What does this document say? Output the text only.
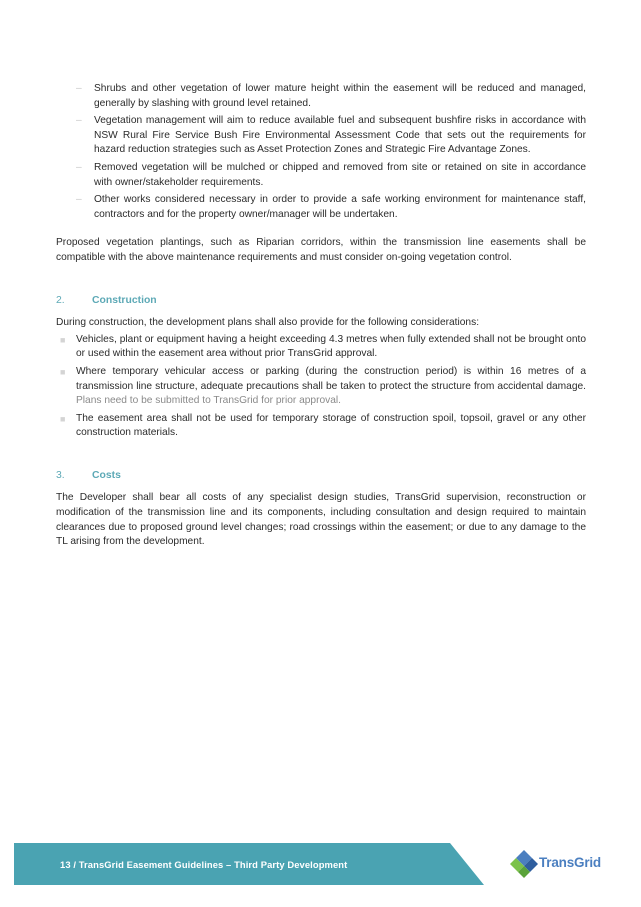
– Shrubs and other vegetation of lower mature height within the easement will be reduced and managed, generally by slashing with ground level retained.
– Vegetation management will aim to reduce available fuel and subsequent bushfire risks in accordance with NSW Rural Fire Service Bush Fire Environmental Assessment Code that sets out the requirements for hazard reduction strategies such as Asset Protection Zones and Strategic Fire Advantage Zones.
– Removed vegetation will be mulched or chipped and removed from site or retained on site in accordance with owner/stakeholder requirements.
– Other works considered necessary in order to provide a safe working environment for maintenance staff, contractors and for the property owner/manager will be undertaken.

Proposed vegetation plantings, such as Riparian corridors, within the transmission line easements shall be compatible with the above maintenance requirements and must consider on-going vegetation control.

2.	Construction

During construction, the development plans shall also provide for the following considerations:

■ Vehicles, plant or equipment having a height exceeding 4.3 metres when fully extended shall not be brought onto or used within the easement area without prior TransGrid approval.
■ Where temporary vehicular access or parking (during the construction period) is within 16 metres of a transmission line structure, adequate precautions shall be taken to protect the structure from accidental damage. Plans need to be submitted to TransGrid for prior approval.
■ The easement area shall not be used for temporary storage of construction spoil, topsoil, gravel or any other construction materials.
3.	Costs

The Developer shall bear all costs of any specialist design studies, TransGrid supervision, reconstruction or modification of the transmission line and its components, including consultation and design required to maintain clearances due to proposed ground level changes; road crossings within the easement; or due to any damage to the TL arising from the development.

13 / TransGrid Easement Guidelines – Third Party Development	TransGrid
